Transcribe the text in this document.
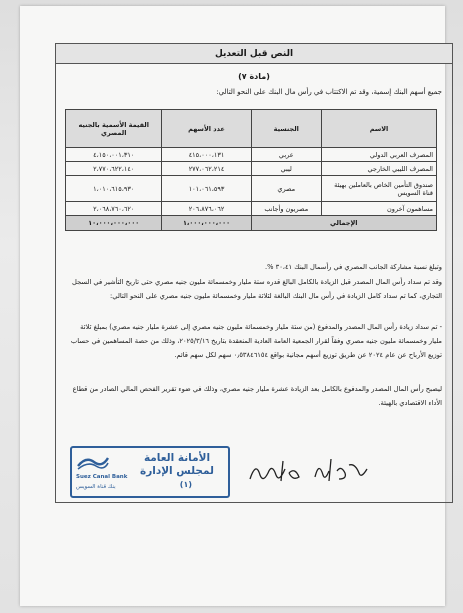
النص قبل التعديل
(مادة ٧)
جميع أسهم البنك إسمية، وقد تم الاكتتاب في رأس مال البنك على النحو التالي:
الاسم	الجنسية	عدد الأسهم	القيمة الأسمية بالجنيه المصري
المصرف العربي الدولي	عربي	٤١٥،٠٠٠،١٣١	٤،١٥٠،٠٠١،٣١٠
المصرف الليبي الخارجي	ليبي	٢٧٧،٠٦٢،٢١٤	٢،٧٧٠،٦٢٢،١٤٠
صندوق التأمين الخاص بالعاملين بهيئة قناة السويس	مصري	١٠١،٠٦١،٥٩٣	١،٠١٠،٦١٥،٩٣٠
مساهمون آخرون	مصريون وأجانب	٢٠٦،٨٧٦،٠٦٢	٢،٠٦٨،٧٦٠،٦٢٠
الإجمالي		١،٠٠٠،٠٠٠،٠٠٠	١٠،٠٠٠،٠٠٠،٠٠٠
وتبلغ نسبة مشاركة الجانب المصري في رأسمال البنك ٣٠،٤١ %.
وقد تم سداد رأس المال المصدر قبل الزيادة بالكامل البالغ قدره ستة مليار وخمسمائة مليون جنيه مصري حتى تاريخ التأشير في السجل التجاري، كما تم سداد كامل الزيادة في رأس مال البنك البالغة لثلاثة مليار وخمسمائة مليون جنيه مصري على النحو التالي:
- تم سداد زيادة رأس المال المصدر والمدفوع (من ستة مليار وخمسمائة مليون جنيه مصري إلى عشرة مليار جنيه مصري) بمبلغ ثلاثة مليار وخمسمائة مليون جنيه مصري وفقاً لقرار الجمعية العامة العادية المنعقدة بتاريخ ٢٠٢٥/٣/١٦، وذلك من حصة المساهمين في حساب توزيع الأرباح عن عام ٢٠٢٤ عن طريق توزيع أسهم مجانية بواقع ٠٫٥٣٨٤٦١٥٤ سهم لكل سهم قائم.
ليصبح رأس المال المصدر والمدفوع بالكامل بعد الزيادة عشرة مليار جنيه مصري، وذلك في ضوء تقرير الفحص المالي الصادر من قطاع الأداء الاقتصادي بالهيئة.
Suez Canal Bank
بنك قناة السويس
الأمانة العامة
لمجلس الإدارة
(١)
